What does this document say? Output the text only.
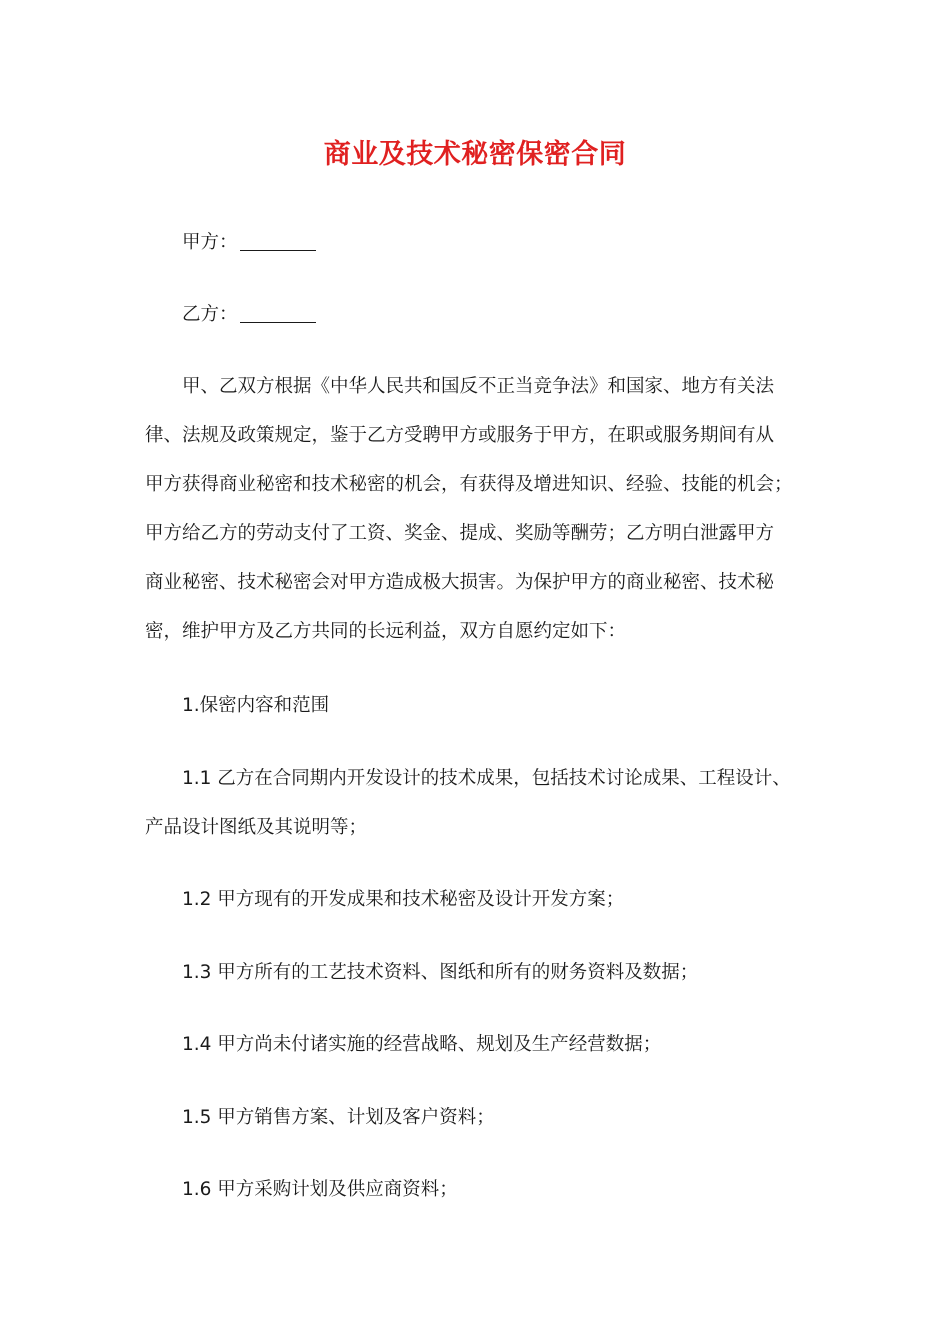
商业及技术秘密保密合同

甲方：

乙方：

甲、乙双方根据《中华人民共和国反不正当竞争法》和国家、地方有关法

律、法规及政策规定，鉴于乙方受聘甲方或服务于甲方，在职或服务期间有从

甲方获得商业秘密和技术秘密的机会，有获得及增进知识、经验、技能的机会；

甲方给乙方的劳动支付了工资、奖金、提成、奖励等酬劳；乙方明白泄露甲方

商业秘密、技术秘密会对甲方造成极大损害。为保护甲方的商业秘密、技术秘

密，维护甲方及乙方共同的长远利益，双方自愿约定如下：

1.保密内容和范围

1.1 乙方在合同期内开发设计的技术成果，包括技术讨论成果、工程设计、

产品设计图纸及其说明等；

1.2 甲方现有的开发成果和技术秘密及设计开发方案；

1.3 甲方所有的工艺技术资料、图纸和所有的财务资料及数据；

1.4 甲方尚未付诸实施的经营战略、规划及生产经营数据；

1.5 甲方销售方案、计划及客户资料；

1.6 甲方采购计划及供应商资料；
